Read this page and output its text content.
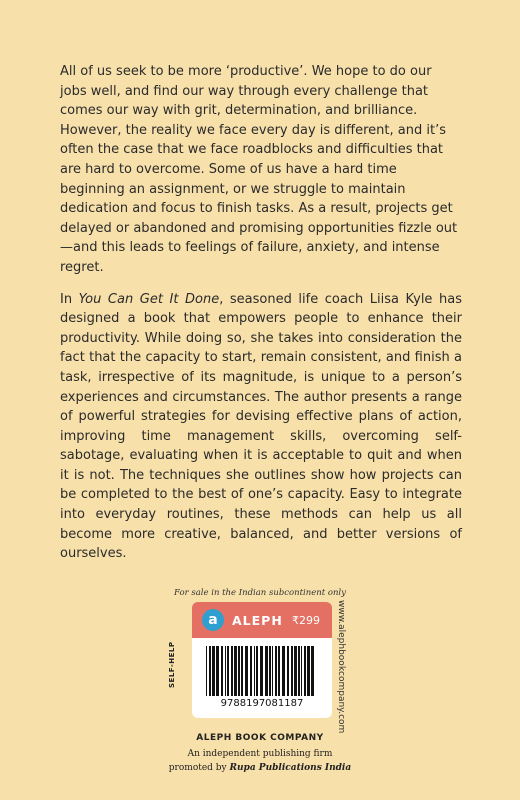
All of us seek to be more ‘productive’. We hope to do our jobs well, and find our way through every challenge that comes our way with grit, determination, and brilliance. However, the reality we face every day is different, and it’s often the case that we face roadblocks and difficulties that are hard to overcome. Some of us have a hard time beginning an assignment, or we struggle to maintain dedication and focus to finish tasks. As a result, projects get delayed or abandoned and promising opportunities fizzle out—and this leads to feelings of failure, anxiety, and intense regret.

In You Can Get It Done, seasoned life coach Liisa Kyle has designed a book that empowers people to enhance their productivity. While doing so, she takes into consideration the fact that the capacity to start, remain consistent, and finish a task, irrespective of its magnitude, is unique to a person’s experiences and circumstances. The author presents a range of powerful strategies for devising effective plans of action, improving time management skills, overcoming self-sabotage, evaluating when it is acceptable to quit and when it is not. The techniques she outlines show how projects can be completed to the best of one’s capacity. Easy to integrate into everyday routines, these methods can help us all become more creative, balanced, and better versions of ourselves.

For sale in the Indian subcontinent only
a	ALEPH ₹299
9788197081187
SELF-HELP	www.alephbookcompany.com
ALEPH BOOK COMPANY
An independent publishing firm
promoted by Rupa Publications India
